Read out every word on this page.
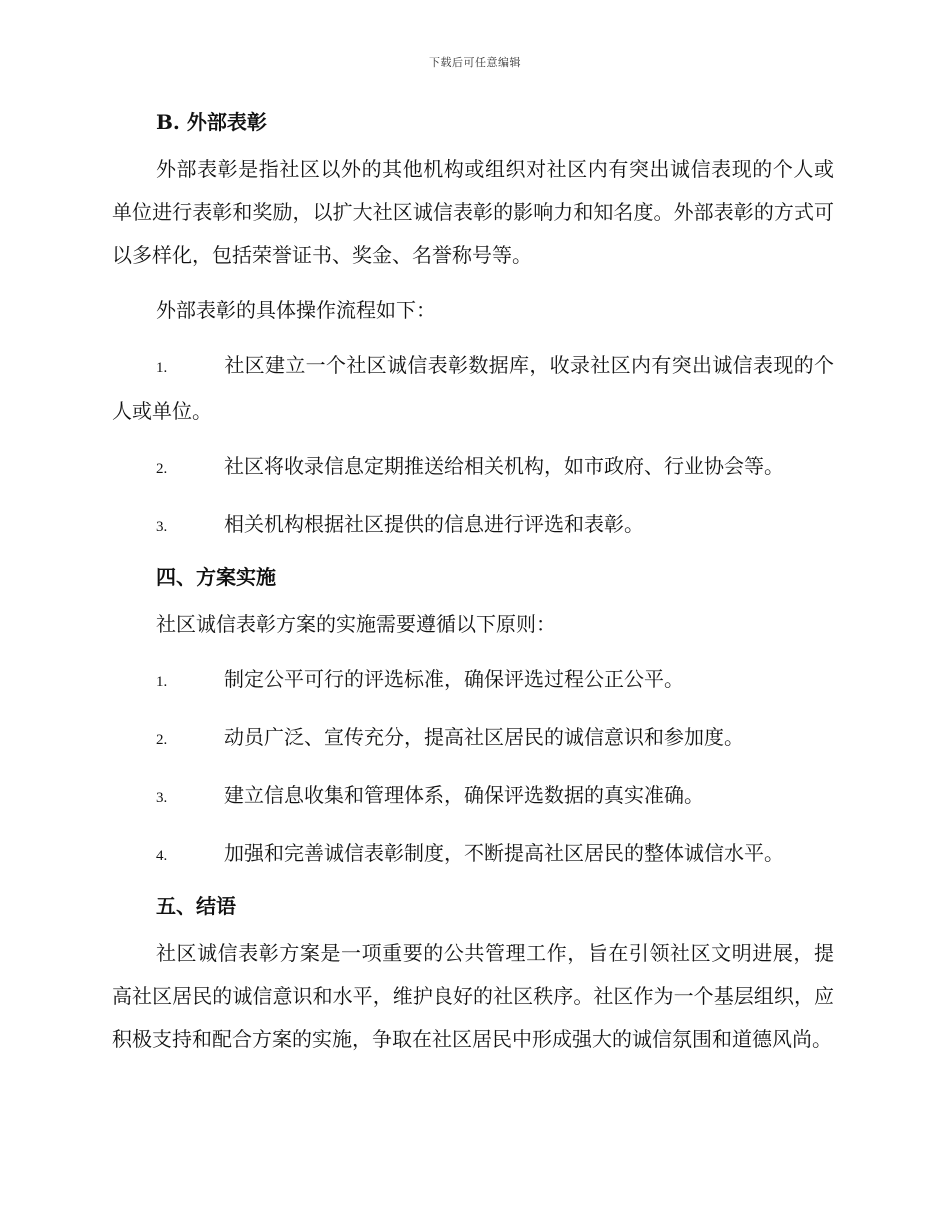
下载后可任意编辑
B. 外部表彰

外部表彰是指社区以外的其他机构或组织对社区内有突出诚信表现的个人或单位进行表彰和奖励，以扩大社区诚信表彰的影响力和知名度。外部表彰的方式可以多样化，包括荣誉证书、奖金、名誉称号等。

外部表彰的具体操作流程如下：

1.	社区建立一个社区诚信表彰数据库，收录社区内有突出诚信表现的个人或单位。

2.	社区将收录信息定期推送给相关机构，如市政府、行业协会等。

3.	相关机构根据社区提供的信息进行评选和表彰。

四、方案实施

社区诚信表彰方案的实施需要遵循以下原则：

1.	制定公平可行的评选标准，确保评选过程公正公平。

2.	动员广泛、宣传充分，提高社区居民的诚信意识和参加度。

3.	建立信息收集和管理体系，确保评选数据的真实准确。

4.	加强和完善诚信表彰制度，不断提高社区居民的整体诚信水平。

五、结语

社区诚信表彰方案是一项重要的公共管理工作，旨在引领社区文明进展，提高社区居民的诚信意识和水平，维护良好的社区秩序。社区作为一个基层组织，应积极支持和配合方案的实施，争取在社区居民中形成强大的诚信氛围和道德风尚。
